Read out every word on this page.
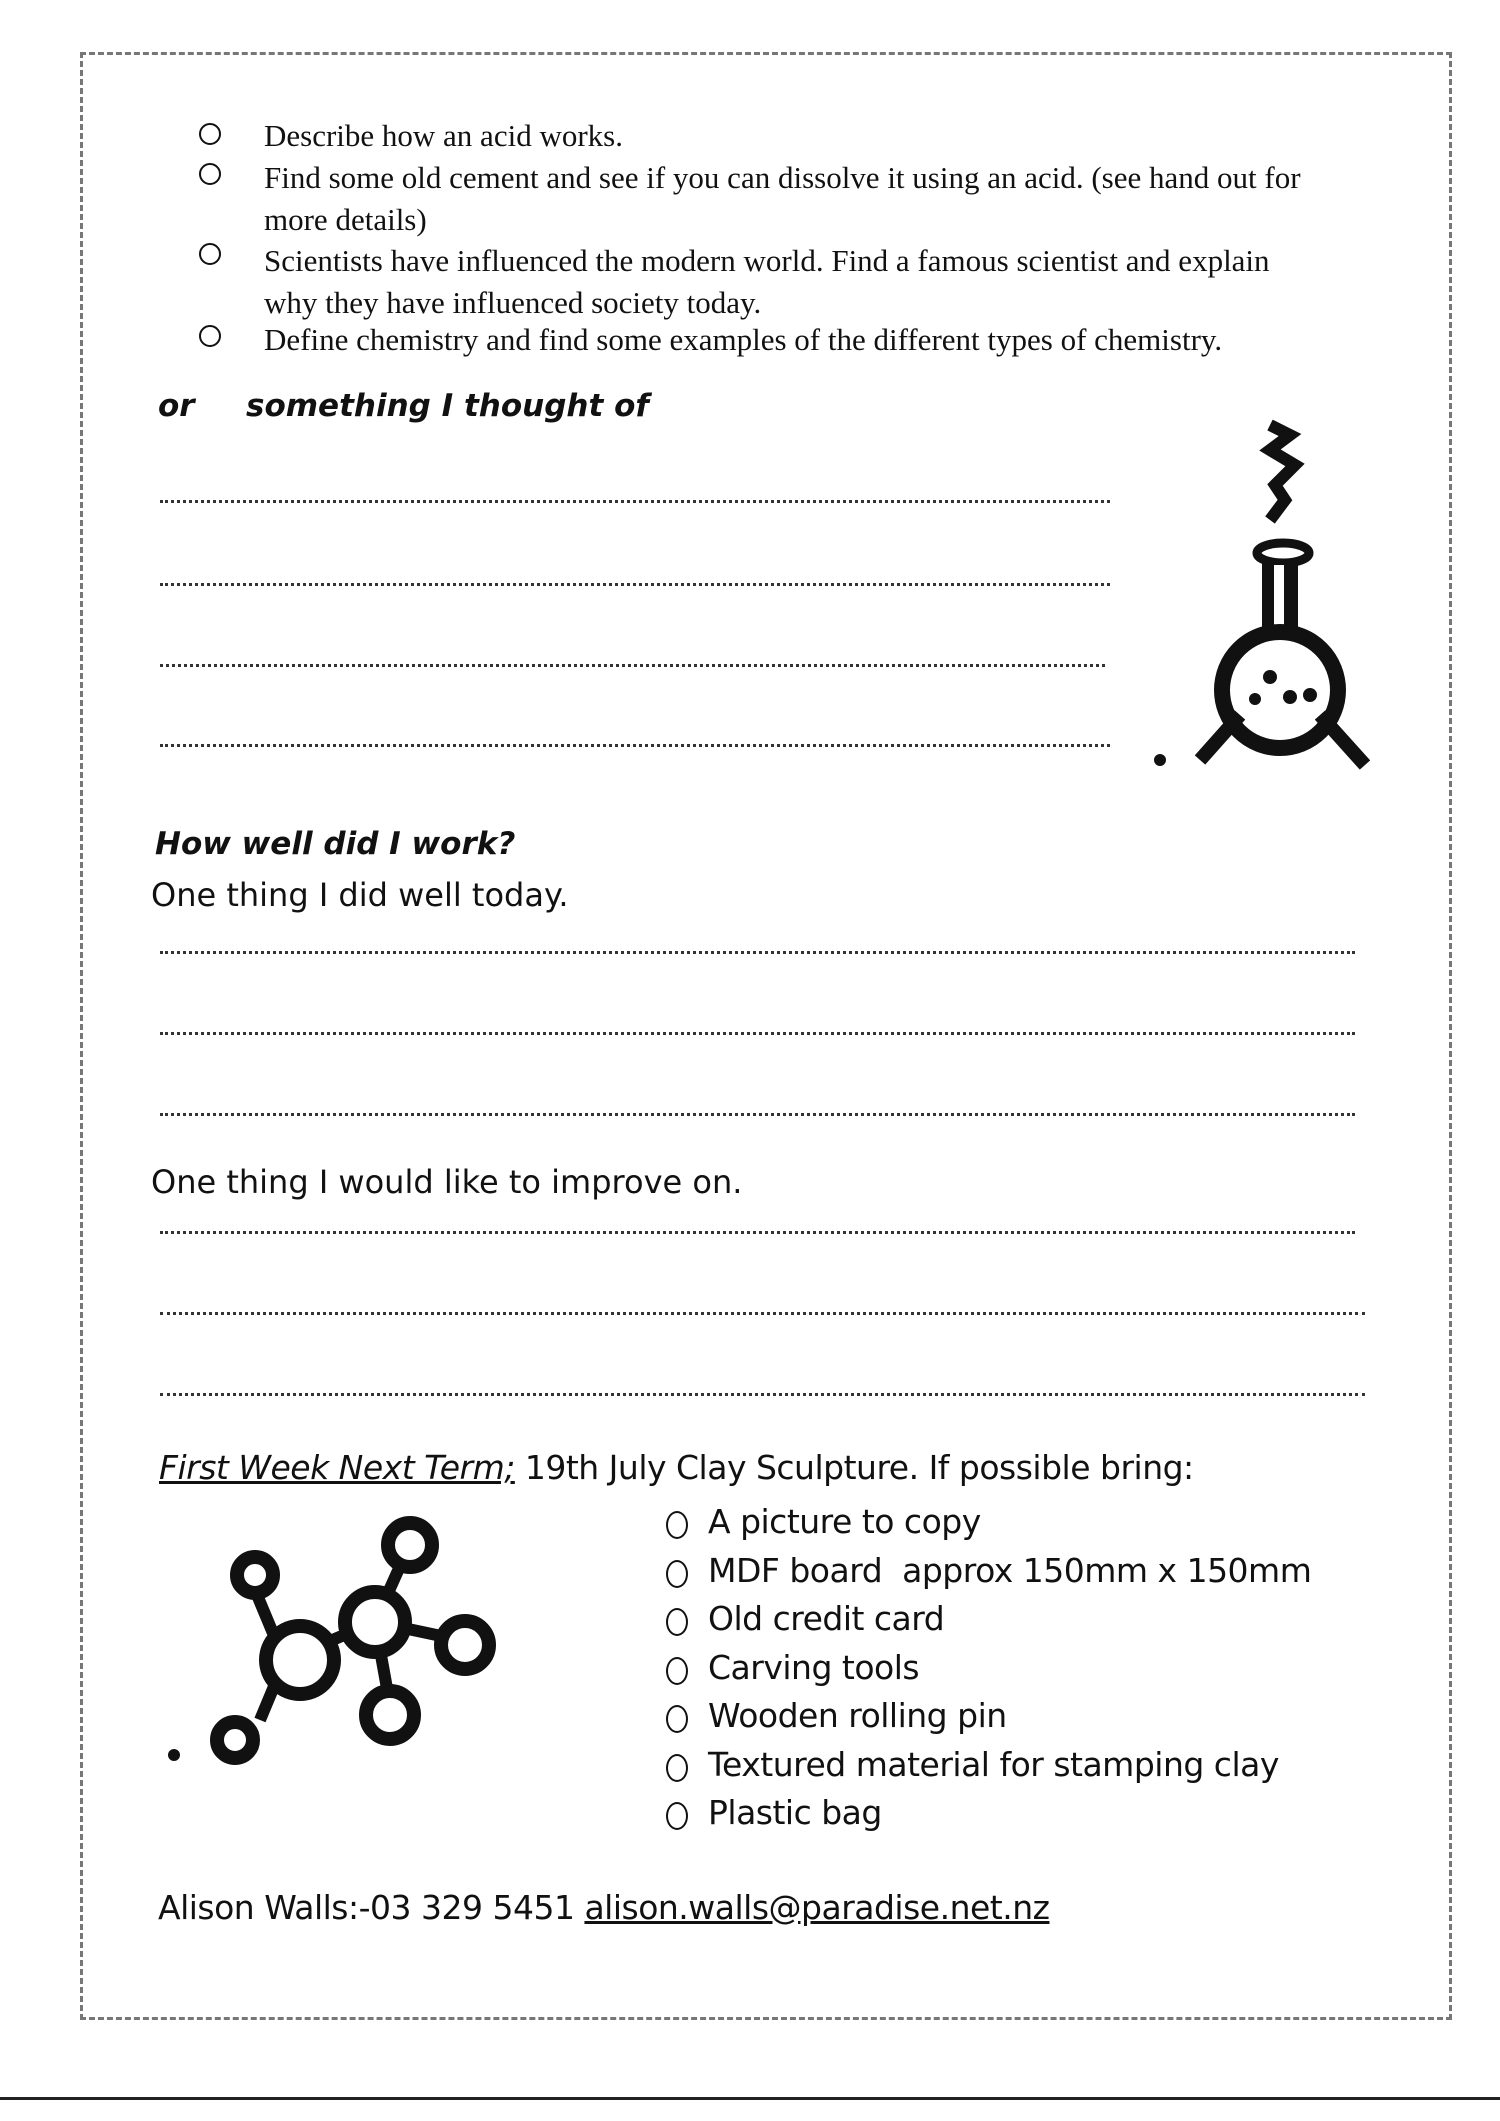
Describe how an acid works.
Find some old cement and see if you can dissolve it using an acid. (see hand out for more details)
Scientists have influenced the modern world. Find a famous scientist and explain why they have influenced society today.
Define chemistry and find some examples of the different types of chemistry.
or something I thought of
How well did I work?
One thing I did well today.
One thing I would like to improve on.
First Week Next Term; 19th July Clay Sculpture. If possible bring:
A picture to copy
MDF board  approx 150mm x 150mm
Old credit card
Carving tools
Wooden rolling pin
Textured material for stamping clay
Plastic bag
Alison Walls:-03 329 5451 alison.walls@paradise.net.nz
